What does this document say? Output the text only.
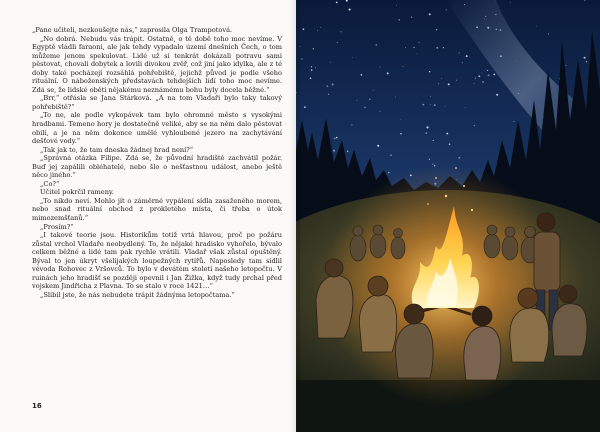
„Pane učiteli, nezkoušejte nás,“ zaprosila Olga Trampotová.

„No dobrá. Nebudu vás trápit. Ostatně, o tě době toho moc nevíme. V Egyptě vládli faraoni, ale jak tehdy vypadalo území dnešních Čech, o tom můžeme jenom spekulovat. Lidé už si tenkrát dokázali potravu sami pěstovat, chovali dobytek a lovili divokou zvěř, což jiní jako idylka, ale z té doby také pocházejí rozsáhlá pohřebiště, jejichž původ je podle všeho rituální. O náboženských představách tehdejších lidí toho moc nevíme. Zdá se, že lidské oběti nějakému neznámému bohu byly docela běžné.“

„Brr,“ otřásla se Jana Stárková. „A na tom Vladaři bylo taky takový pohřebiště?“

„To ne, ale podle vykopávek tam bylo ohromné město s vysokými hradbami. Temeno hory je dostatečně veliké, aby se na něm dalo pěstovat obilí, a je na něm dokonce umělé vyhloubené jezero na zachytávání dešťové vody.“

„Tak jak to, že tam dneska žádnej hrad není?“

„Správná otázka Filipe. Zdá se, že původní hradiště zachvátil požár. Buď jej zapálili obléhatelé, nebo šlo o nešťastnou událost, anebo ještě něco jiného.“

„Co?“

Učitel pokrčil rameny.

„To nikdo neví. Mohlo jít o záměrné vypálení sídla zasaženého morem, nebo snad rituální obchod z prokletého místa, či třeba o útok mimozemšťanů.“

„Prosím?“

„I takové teorie jsou. Historikům totiž vrtá hlavou, proč po požáru zůstal vrchol Vladaře neobydlený. To, že nějaké hradisko vyhořelo, bývalo celkem běžné a lidé tam pak rychle vrátili. Vladař však zůstal opuštěný. Býval to jen úkryt všelijakých loupežných rytířů. Naposledy tam sídlil vévoda Rohovec z Vršovců. To bylo v devátém století našeho letopočtu. V ruinách jeho hradišť se později opevnil i Jan Žižka, když tudy prchal před vojskem Jindřicha z Plavna. To se stalo v roce 1421…“

„Slibil jste, že nás nebudete trápit žádnýma letopočtama.“

16
